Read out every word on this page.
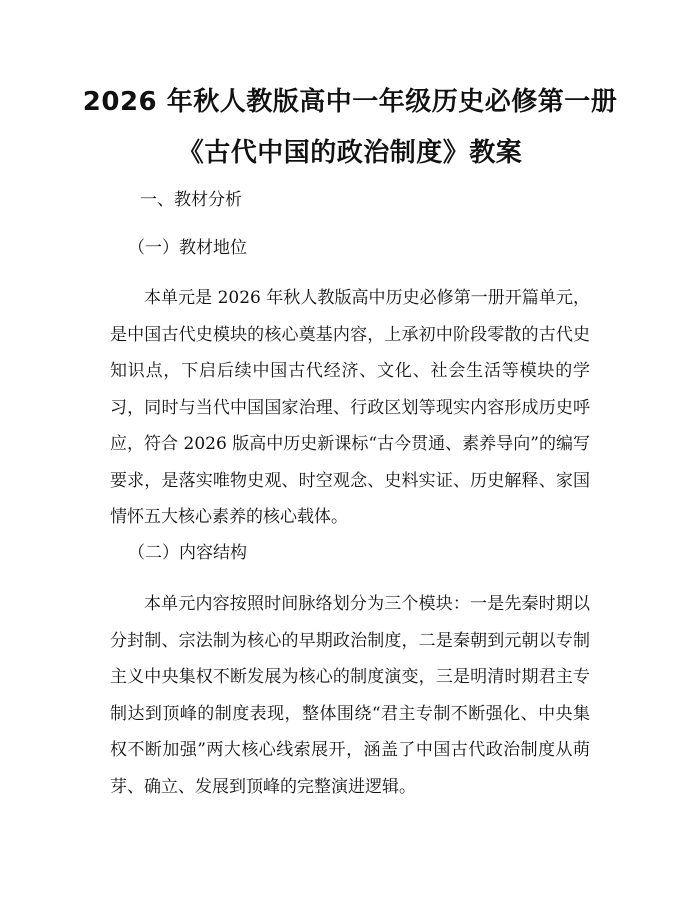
2026 年秋人教版高中一年级历史必修第一册
《古代中国的政治制度》教案
一、教材分析
（一）教材地位
本单元是 2026 年秋人教版高中历史必修第一册开篇单元，是中国古代史模块的核心奠基内容，上承初中阶段零散的古代史知识点，下启后续中国古代经济、文化、社会生活等模块的学习，同时与当代中国国家治理、行政区划等现实内容形成历史呼应，符合 2026 版高中历史新课标“古今贯通、素养导向”的编写要求，是落实唯物史观、时空观念、史料实证、历史解释、家国情怀五大核心素养的核心载体。
（二）内容结构
本单元内容按照时间脉络划分为三个模块：一是先秦时期以分封制、宗法制为核心的早期政治制度，二是秦朝到元朝以专制主义中央集权不断发展为核心的制度演变，三是明清时期君主专制达到顶峰的制度表现，整体围绕“君主专制不断强化、中央集权不断加强”两大核心线索展开，涵盖了中国古代政治制度从萌芽、确立、发展到顶峰的完整演进逻辑。
